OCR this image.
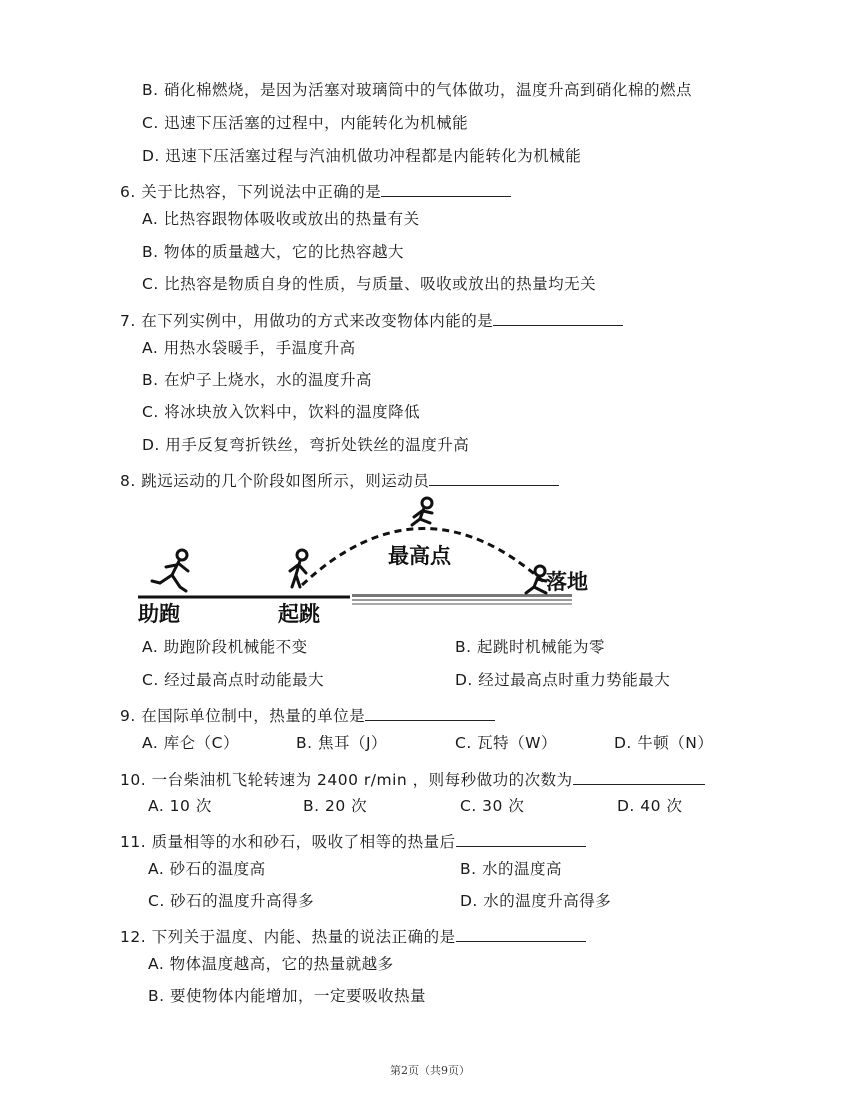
B. 硝化棉燃烧，是因为活塞对玻璃筒中的气体做功，温度升高到硝化棉的燃点
C. 迅速下压活塞的过程中，内能转化为机械能
D. 迅速下压活塞过程与汽油机做功冲程都是内能转化为机械能
6. 关于比热容，下列说法中正确的是
A. 比热容跟物体吸收或放出的热量有关
B. 物体的质量越大，它的比热容越大
C. 比热容是物质自身的性质，与质量、吸收或放出的热量均无关
7. 在下列实例中，用做功的方式来改变物体内能的是
A. 用热水袋暖手，手温度升高
B. 在炉子上烧水，水的温度升高
C. 将冰块放入饮料中，饮料的温度降低
D. 用手反复弯折铁丝，弯折处铁丝的温度升高
8. 跳远运动的几个阶段如图所示，则运动员
助跑	起跳
最高点
落地
A. 助跑阶段机械能不变	B. 起跳时机械能为零
C. 经过最高点时动能最大	D. 经过最高点时重力势能最大
9. 在国际单位制中，热量的单位是
A. 库仑（C）	B. 焦耳（J）	C. 瓦特（W）	D. 牛顿（N）
10. 一台柴油机飞轮转速为 2400 r/min ，则每秒做功的次数为
A. 10 次	B. 20 次	C. 30 次	D. 40 次
11. 质量相等的水和砂石，吸收了相等的热量后
A. 砂石的温度高	B. 水的温度高
C. 砂石的温度升高得多	D. 水的温度升高得多
12. 下列关于温度、内能、热量的说法正确的是
A. 物体温度越高，它的热量就越多
B. 要使物体内能增加，一定要吸收热量
第2页（共9页）
